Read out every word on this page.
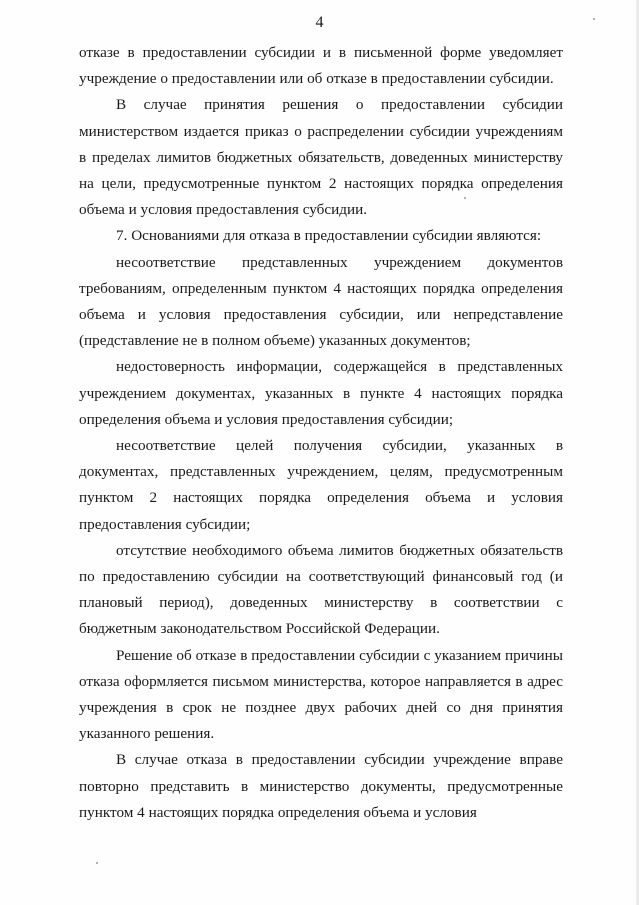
4

отказе в предоставлении субсидии и в письменной форме уведомляет учреждение о предоставлении или об отказе в предоставлении субсидии.

В случае принятия решения о предоставлении субсидии министерством издается приказ о распределении субсидии учреждениям в пределах лимитов бюджетных обязательств, доведенных министерству на цели, предусмотренные пунктом 2 настоящих порядка определения объема и условия предоставления субсидии.

7. Основаниями для отказа в предоставлении субсидии являются:

несоответствие представленных учреждением документов требованиям, определенным пунктом 4 настоящих порядка определения объема и условия предоставления субсидии, или непредставление (представление не в полном объеме) указанных документов;

недостоверность информации, содержащейся в представленных учреждением документах, указанных в пункте 4 настоящих порядка определения объема и условия предоставления субсидии;

несоответствие целей получения субсидии, указанных в документах, представленных учреждением, целям, предусмотренным пунктом 2 настоящих порядка определения объема и условия предоставления субсидии;

отсутствие необходимого объема лимитов бюджетных обязательств по предоставлению субсидии на соответствующий финансовый год (и плановый период), доведенных министерству в соответствии с бюджетным законодательством Российской Федерации.

Решение об отказе в предоставлении субсидии с указанием причины отказа оформляется письмом министерства, которое направляется в адрес учреждения в срок не позднее двух рабочих дней со дня принятия указанного решения.

В случае отказа в предоставлении субсидии учреждение вправе повторно представить в министерство документы, предусмотренные пунктом 4 настоящих порядка определения объема и условия
